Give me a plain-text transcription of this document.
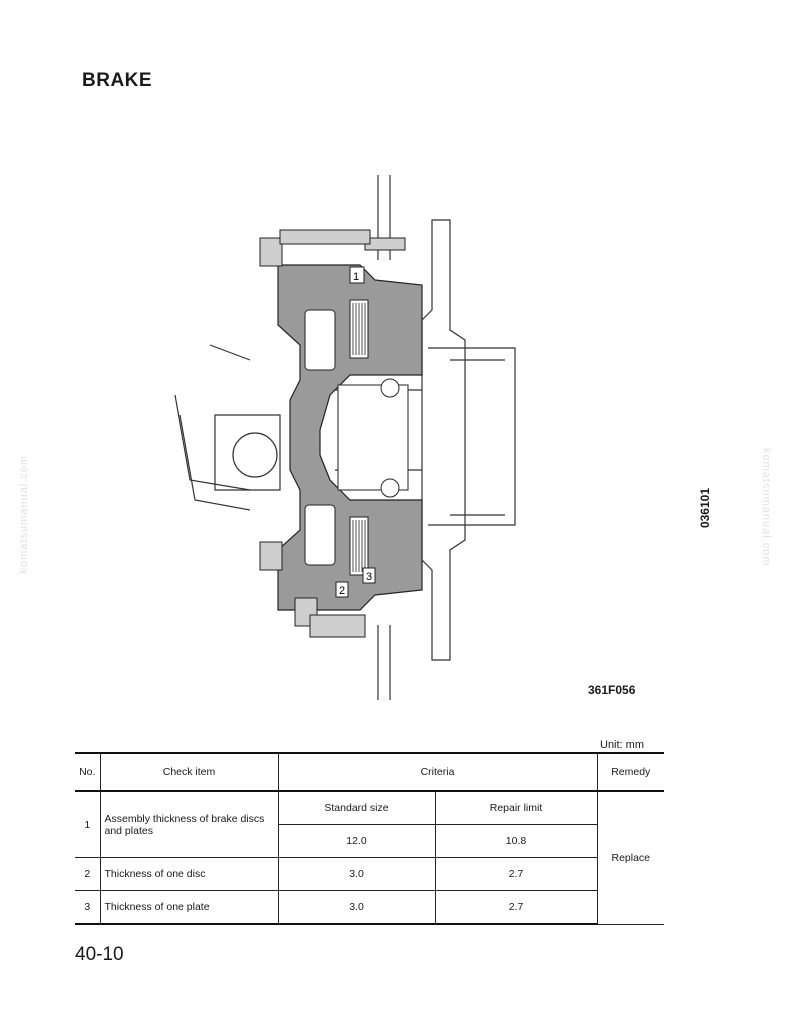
BRAKE
komatsumanual.com	komatsumanual.com
1
2
3
036101
361F056
Unit: mm
No.	Check item	Criteria		Remedy
1	Assembly thickness of brake discs and plates	Standard size	Repair limit	Replace
		12.0	10.8	
2	Thickness of one disc	3.0	2.7	
3	Thickness of one plate	3.0	2.7	
40-10
